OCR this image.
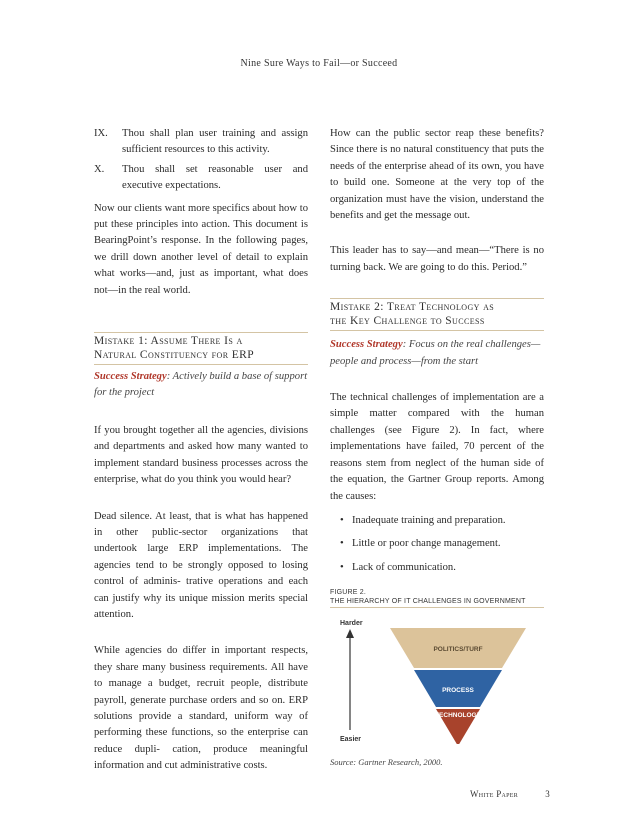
Nine Sure Ways to Fail—or Succeed
IX.	Thou shall plan user training and assign sufficient resources to this activity.
X.	Thou shall set reasonable user and executive expectations.

Now our clients want more specifics about how to put these principles into action. This document is BearingPoint’s response. In the following pages, we drill down another level of detail to explain what works—and, just as important, what does not—in the real world.

Mistake 1: Assume There Is a
Natural Constituency for ERP

Success Strategy: Actively build a base of support for the project

If you brought together all the agencies, divisions and departments and asked how many wanted to implement standard business processes across the enterprise, what do you think you would hear?

Dead silence. At least, that is what has happened in other public-sector organizations that undertook large ERP implementations. The agencies tend to be strongly opposed to losing control of adminis- trative operations and each can justify why its unique mission merits special attention.

While agencies do differ in important respects, they share many business requirements. All have to manage a budget, recruit people, distribute payroll, generate purchase orders and so on. ERP solutions provide a standard, uniform way of performing these functions, so the enterprise can reduce dupli- cation, produce meaningful information and cut administrative costs.

How can the public sector reap these benefits? Since there is no natural constituency that puts the needs of the enterprise ahead of its own, you have to build one. Someone at the very top of the organization must have the vision, understand the benefits and get the message out.

This leader has to say—and mean—“There is no turning back. We are going to do this. Period.”

Mistake 2: Treat Technology as
the Key Challenge to Success

Success Strategy: Focus on the real challenges—people and process—from the start

The technical challenges of implementation are a simple matter compared with the human challenges (see Figure 2). In fact, where implementations have failed, 70 percent of the reasons stem from neglect of the human side of the equation, the Gartner Group reports. Among the causes:

• Inadequate training and preparation.
• Little or poor change management.
• Lack of communication.
FIGURE 2.
THE HIERARCHY OF IT CHALLENGES IN GOVERNMENT
Harder
Easier
POLITICS/TURF
PROCESS
TECHNOLOGY

Source: Gartner Research, 2000.

White Paper	3
